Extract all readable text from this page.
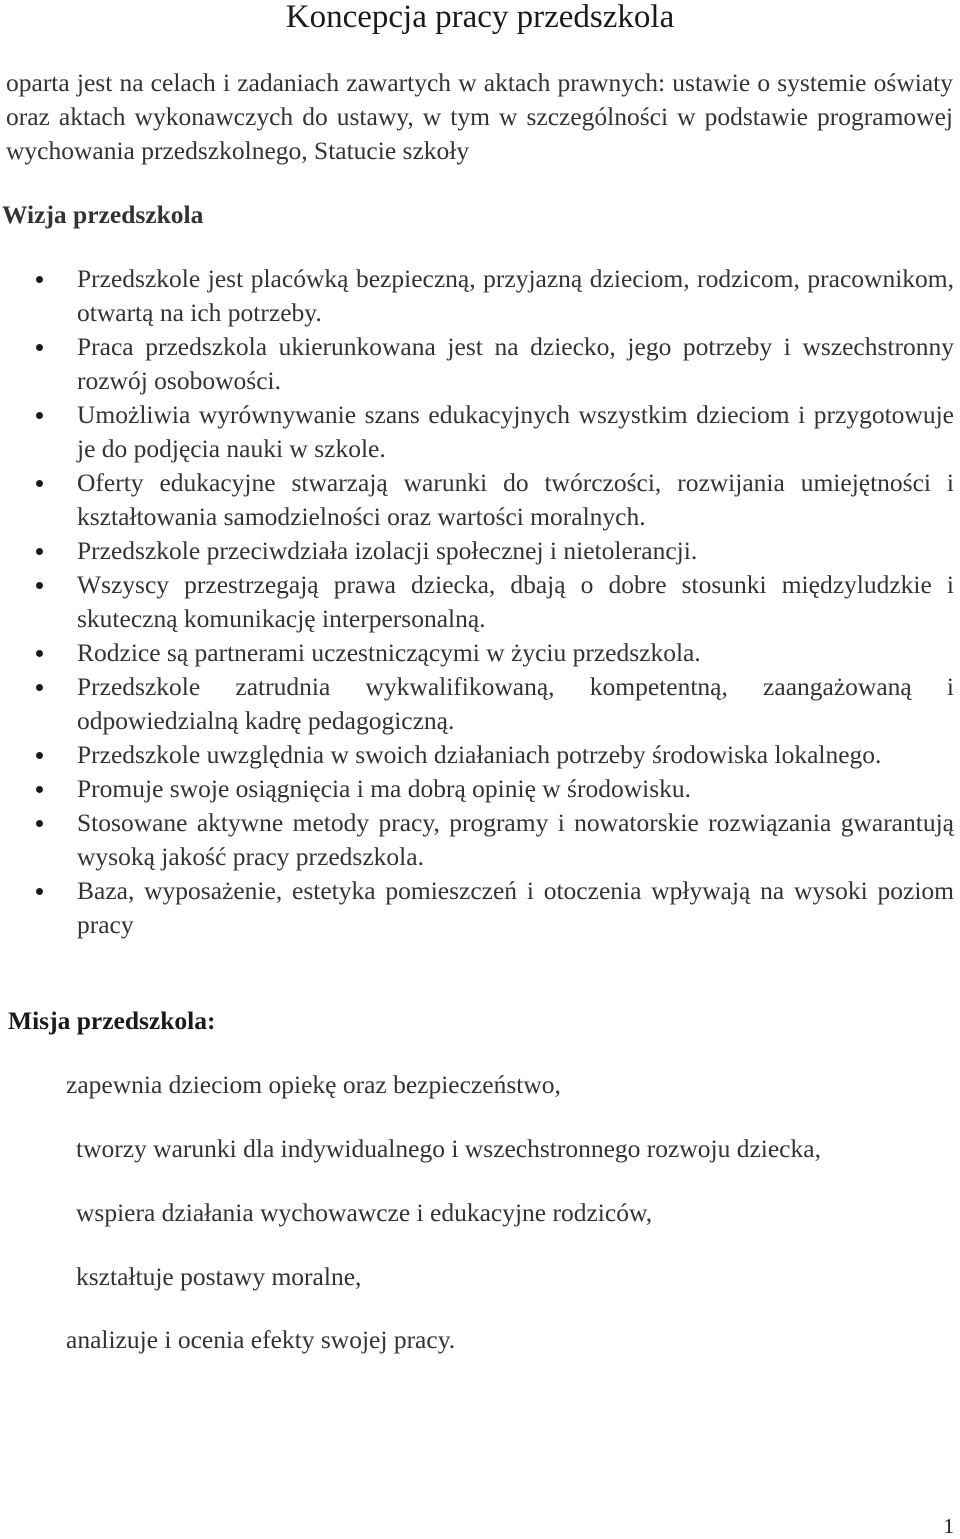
Koncepcja pracy przedszkola

oparta jest na celach i zadaniach zawartych w aktach prawnych: ustawie o systemie oświaty oraz aktach wykonawczych do ustawy, w tym w szczególności w podstawie programowej wychowania przedszkolnego, Statucie szkoły

Wizja przedszkola
Przedszkole jest placówką bezpieczną, przyjazną dzieciom, rodzicom, pracownikom, otwartą na ich potrzeby.
Praca przedszkola ukierunkowana jest na dziecko, jego potrzeby i wszechstronny rozwój osobowości.
Umożliwia wyrównywanie szans edukacyjnych wszystkim dzieciom i przygotowuje je do podjęcia nauki w szkole.
Oferty edukacyjne stwarzają warunki do twórczości, rozwijania umiejętności i kształtowania samodzielności oraz wartości moralnych.
Przedszkole przeciwdziała izolacji społecznej i nietolerancji.
Wszyscy przestrzegają prawa dziecka, dbają o dobre stosunki międzyludzkie i skuteczną komunikację interpersonalną.
Rodzice są partnerami uczestniczącymi w życiu przedszkola.
Przedszkole zatrudnia wykwalifikowaną, kompetentną, zaangażowaną i odpowiedzialną kadrę pedagogiczną.
Przedszkole uwzględnia w swoich działaniach potrzeby środowiska lokalnego.
Promuje swoje osiągnięcia i ma dobrą opinię w środowisku.
Stosowane aktywne metody pracy, programy i nowatorskie rozwiązania gwarantują wysoką jakość pracy przedszkola.
Baza, wyposażenie, estetyka pomieszczeń i otoczenia wpływają na wysoki poziom pracy
Misja przedszkola:

zapewnia dzieciom opiekę oraz bezpieczeństwo,

tworzy warunki dla indywidualnego i wszechstronnego rozwoju dziecka,

wspiera działania wychowawcze i edukacyjne rodziców,

kształtuje postawy moralne,

analizuje i ocenia efekty swojej pracy.

1
